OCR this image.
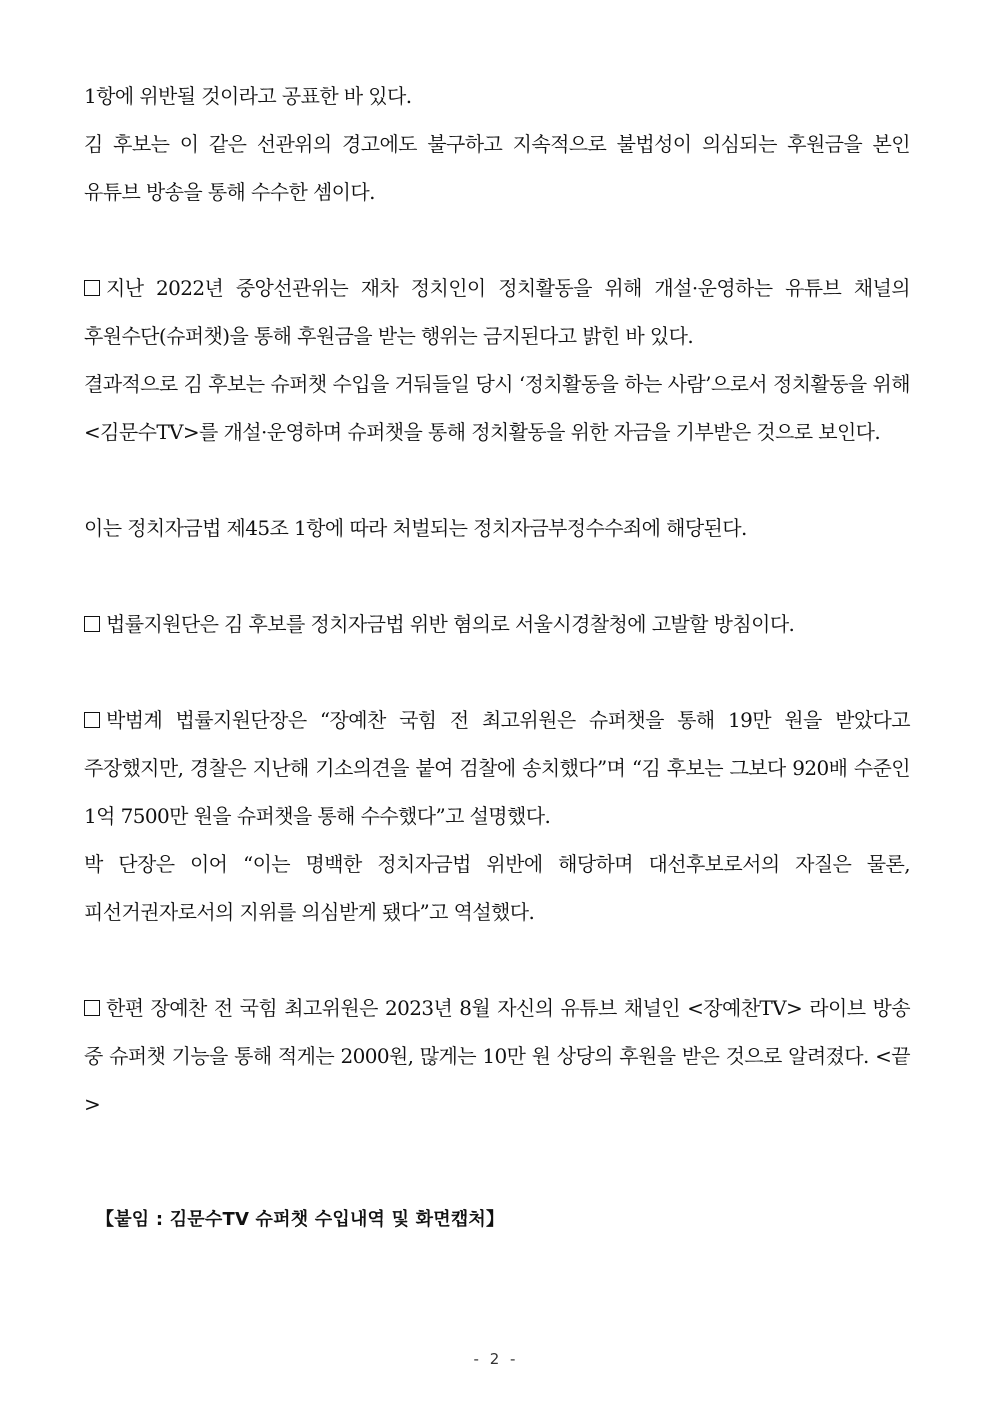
1항에 위반될 것이라고 공표한 바 있다.

김 후보는 이 같은 선관위의 경고에도 불구하고 지속적으로 불법성이 의심되는 후원금을 본인 유튜브 방송을 통해 수수한 셈이다.

지난 2022년 중앙선관위는 재차 정치인이 정치활동을 위해 개설·운영하는 유튜브 채널의 후원수단(슈퍼챗)을 통해 후원금을 받는 행위는 금지된다고 밝힌 바 있다.

결과적으로 김 후보는 슈퍼챗 수입을 거둬들일 당시 ‘정치활동을 하는 사람’으로서 정치활동을 위해 <김문수TV>를 개설·운영하며 슈퍼챗을 통해 정치활동을 위한 자금을 기부받은 것으로 보인다.

이는 정치자금법 제45조 1항에 따라 처벌되는 정치자금부정수수죄에 해당된다.

법률지원단은 김 후보를 정치자금법 위반 혐의로 서울시경찰청에 고발할 방침이다.

박범계 법률지원단장은 “장예찬 국힘 전 최고위원은 슈퍼챗을 통해 19만 원을 받았다고 주장했지만, 경찰은 지난해 기소의견을 붙여 검찰에 송치했다”며 “김 후보는 그보다 920배 수준인 1억 7500만 원을 슈퍼챗을 통해 수수했다”고 설명했다.

박 단장은 이어 “이는 명백한 정치자금법 위반에 해당하며 대선후보로서의 자질은 물론, 피선거권자로서의 지위를 의심받게 됐다”고 역설했다.

한편 장예찬 전 국힘 최고위원은 2023년 8월 자신의 유튜브 채널인 <장예찬TV> 라이브 방송 중 슈퍼챗 기능을 통해 적게는 2000원, 많게는 10만 원 상당의 후원을 받은 것으로 알려졌다. <끝>

【붙임 : 김문수TV 슈퍼챗 수입내역 및 화면캡처】

- 2 -
